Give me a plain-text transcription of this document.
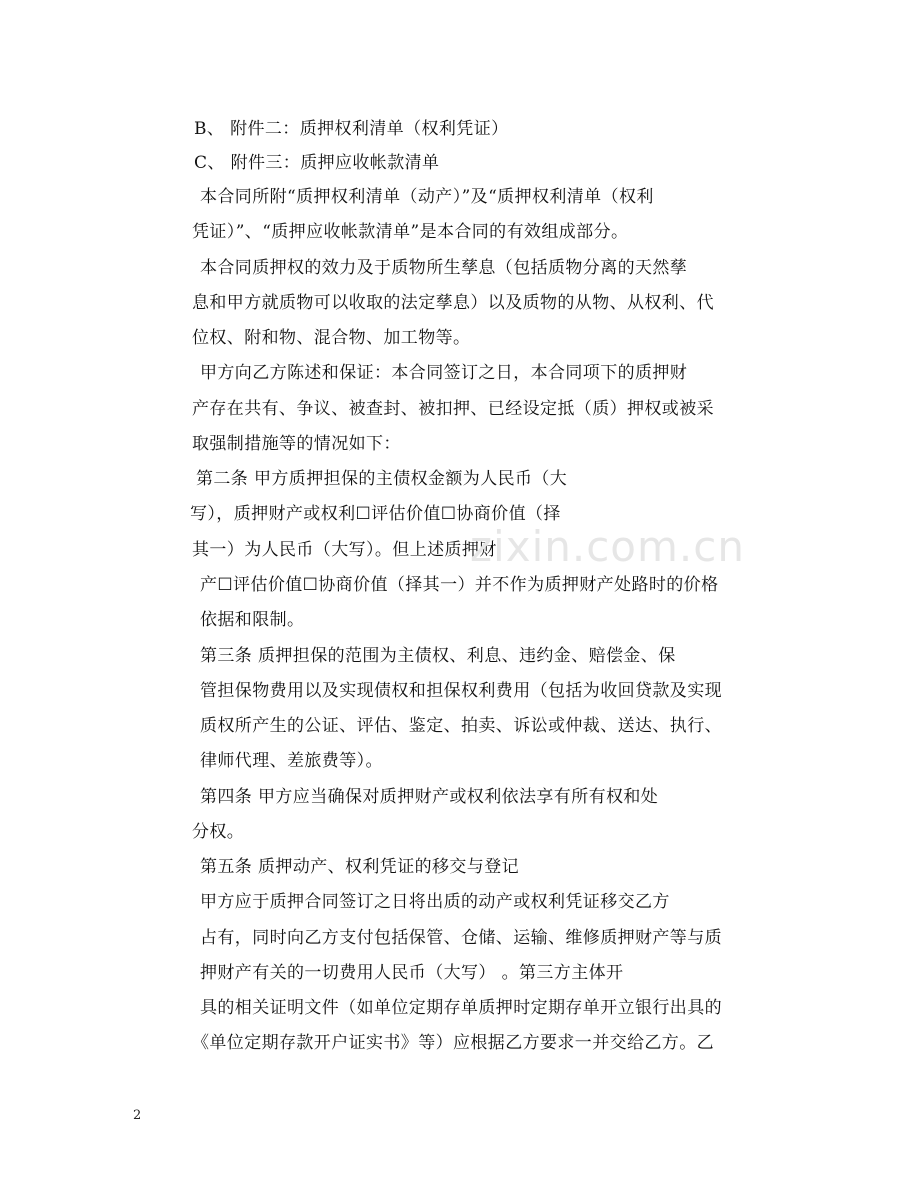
B、 附件二：质押权利清单（权利凭证）
C、 附件三：质押应收帐款清单
本合同所附“质押权利清单（动产）”及“质押权利清单（权利
凭证）”、“质押应收帐款清单”是本合同的有效组成部分。
本合同质押权的效力及于质物所生孳息（包括质物分离的天然孳
息和甲方就质物可以收取的法定孳息）以及质物的从物、从权利、代
位权、附和物、混合物、加工物等。
甲方向乙方陈述和保证：本合同签订之日，本合同项下的质押财
产存在共有、争议、被查封、被扣押、已经设定抵（质）押权或被采
取强制措施等的情况如下：
第二条 甲方质押担保的主债权金额为人民币（大
写），质押财产或权利☐评估价值☐协商价值（择
其一）为人民币（大写）。但上述质押财
产☐评估价值☐协商价值（择其一）并不作为质押财产处路时的价格
依据和限制。
第三条 质押担保的范围为主债权、利息、违约金、赔偿金、保
管担保物费用以及实现债权和担保权利费用（包括为收回贷款及实现
质权所产生的公证、评估、鉴定、拍卖、诉讼或仲裁、送达、执行、
律师代理、差旅费等）。
第四条 甲方应当确保对质押财产或权利依法享有所有权和处
分权。
第五条 质押动产、权利凭证的移交与登记
甲方应于质押合同签订之日将出质的动产或权利凭证移交乙方
占有，同时向乙方支付包括保管、仓储、运输、维修质押财产等与质
押财产有关的一切费用人民币（大写） 。第三方主体开
具的相关证明文件（如单位定期存单质押时定期存单开立银行出具的
《单位定期存款开户证实书》等）应根据乙方要求一并交给乙方。乙
zixin.com.cn
2
